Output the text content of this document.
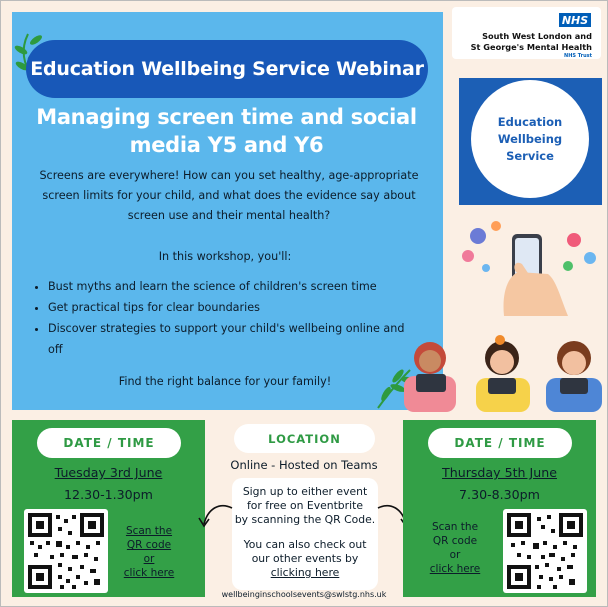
Education Wellbeing Service Webinar
Managing screen time and social
media Y5 and Y6
Screens are everywhere! How can you set healthy, age-appropriate
screen limits for your child, and what does the evidence say about
screen use and their mental health?
In this workshop, you'll:
• Bust myths and learn the science of children's screen time
• Get practical tips for clear boundaries
• Discover strategies to support your child's wellbeing online and off
Find the right balance for your family!
NHS
South West London and
St George's Mental Health
NHS Trust
Education
Wellbeing
Service
DATE / TIME
Tuesday 3rd June
12.30-1.30pm
Scan the
QR code
or
click here
LOCATION
Online - Hosted on Teams
Sign up to either event
for free on Eventbrite
by scanning the QR Code.
You can also check out
our other events by
clicking here
wellbeinginschoolsevents@swlstg.nhs.uk
DATE / TIME
Thursday 5th June
7.30-8.30pm
Scan the
QR code
or
click here
